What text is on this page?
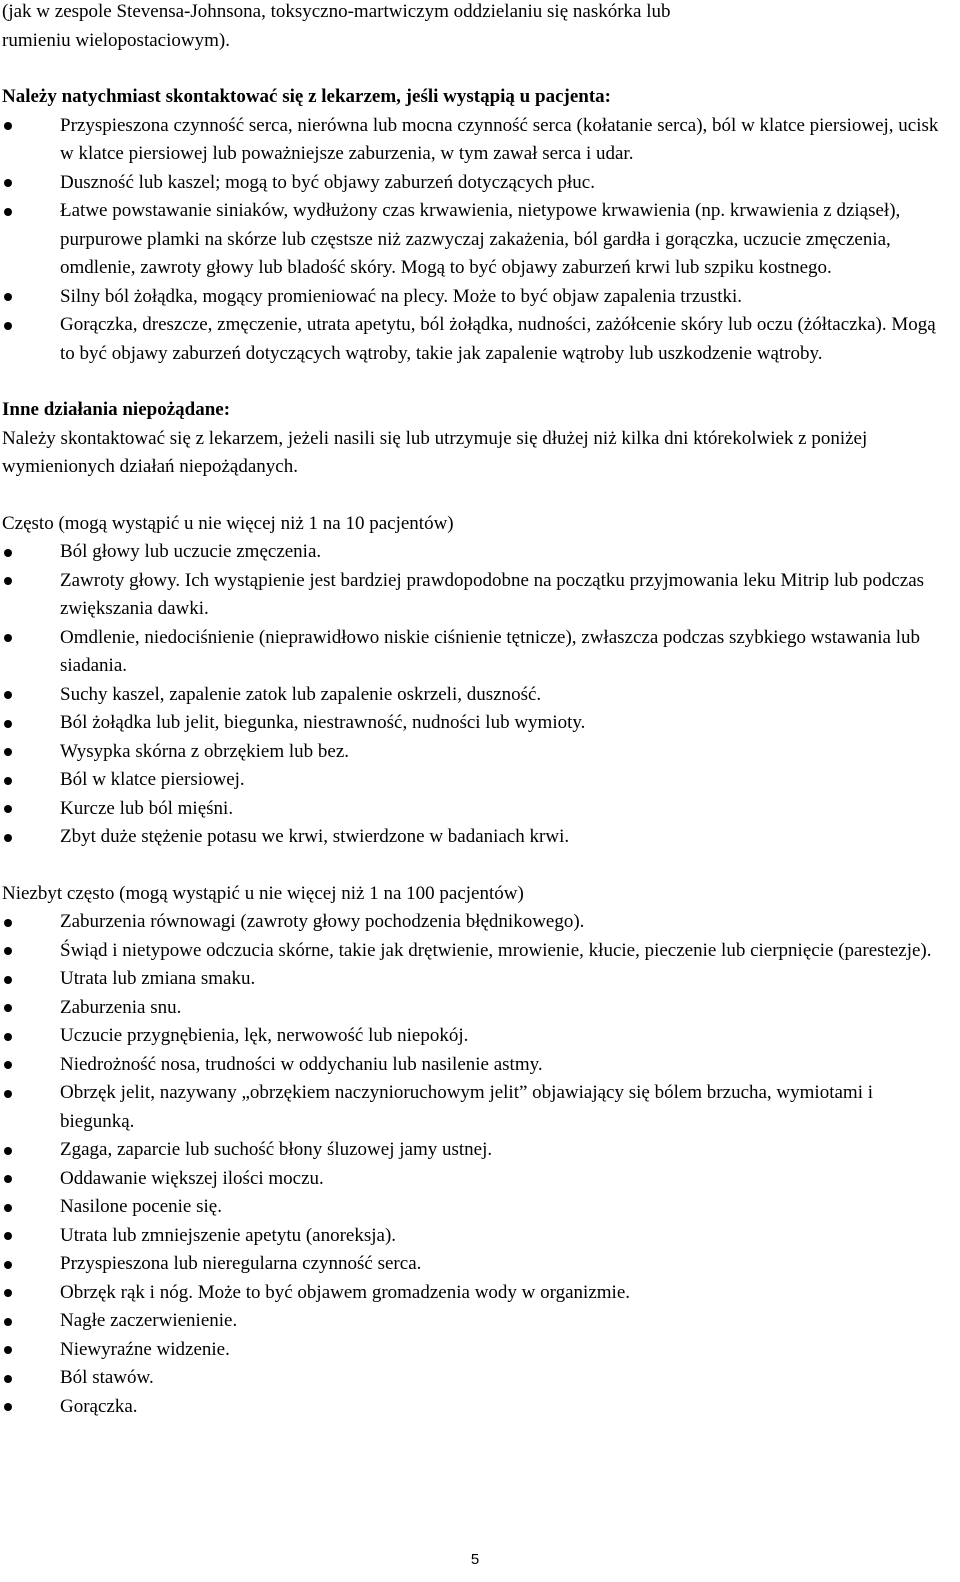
(jak w zespole Stevensa-Johnsona, toksyczno-martwiczym oddzielaniu się naskórka lub

rumieniu wielopostaciowym).

Należy natychmiast skontaktować się z lekarzem, jeśli wystąpią u pacjenta:

Przyspieszona czynność serca, nierówna lub mocna czynność serca (kołatanie serca), ból w klatce piersiowej, ucisk w klatce piersiowej lub poważniejsze zaburzenia, w tym zawał serca i udar.
Duszność lub kaszel; mogą to być objawy zaburzeń dotyczących płuc.
Łatwe powstawanie siniaków, wydłużony czas krwawienia, nietypowe krwawienia (np. krwawienia z dziąseł), purpurowe plamki na skórze lub częstsze niż zazwyczaj zakażenia, ból gardła i gorączka, uczucie zmęczenia, omdlenie, zawroty głowy lub bladość skóry. Mogą to być objawy zaburzeń krwi lub szpiku kostnego.
Silny ból żołądka, mogący promieniować na plecy. Może to być objaw zapalenia trzustki.
Gorączka, dreszcze, zmęczenie, utrata apetytu, ból żołądka, nudności, zażółcenie skóry lub oczu (żółtaczka). Mogą to być objawy zaburzeń dotyczących wątroby, takie jak zapalenie wątroby lub uszkodzenie wątroby.

Inne działania niepożądane:

Należy skontaktować się z lekarzem, jeżeli nasili się lub utrzymuje się dłużej niż kilka dni którekolwiek z poniżej wymienionych działań niepożądanych.

Często (mogą wystąpić u nie więcej niż 1 na 10 pacjentów)

Ból głowy lub uczucie zmęczenia.
Zawroty głowy. Ich wystąpienie jest bardziej prawdopodobne na początku przyjmowania leku Mitrip lub podczas zwiększania dawki.
Omdlenie, niedociśnienie (nieprawidłowo niskie ciśnienie tętnicze), zwłaszcza podczas szybkiego wstawania lub siadania.
Suchy kaszel, zapalenie zatok lub zapalenie oskrzeli, duszność.
Ból żołądka lub jelit, biegunka, niestrawność, nudności lub wymioty.
Wysypka skórna z obrzękiem lub bez.
Ból w klatce piersiowej.
Kurcze lub ból mięśni.
Zbyt duże stężenie potasu we krwi, stwierdzone w badaniach krwi.

Niezbyt często (mogą wystąpić u nie więcej niż 1 na 100 pacjentów)

Zaburzenia równowagi (zawroty głowy pochodzenia błędnikowego).
Świąd i nietypowe odczucia skórne, takie jak drętwienie, mrowienie, kłucie, pieczenie lub cierpnięcie (parestezje).
Utrata lub zmiana smaku.
Zaburzenia snu.
Uczucie przygnębienia, lęk, nerwowość lub niepokój.
Niedrożność nosa, trudności w oddychaniu lub nasilenie astmy.
Obrzęk jelit, nazywany „obrzękiem naczynioruchowym jelit” objawiający się bólem brzucha, wymiotami i biegunką.
Zgaga, zaparcie lub suchość błony śluzowej jamy ustnej.
Oddawanie większej ilości moczu.
Nasilone pocenie się.
Utrata lub zmniejszenie apetytu (anoreksja).
Przyspieszona lub nieregularna czynność serca.
Obrzęk rąk i nóg. Może to być objawem gromadzenia wody w organizmie.
Nagłe zaczerwienienie.
Niewyraźne widzenie.
Ból stawów.
Gorączka.
5
